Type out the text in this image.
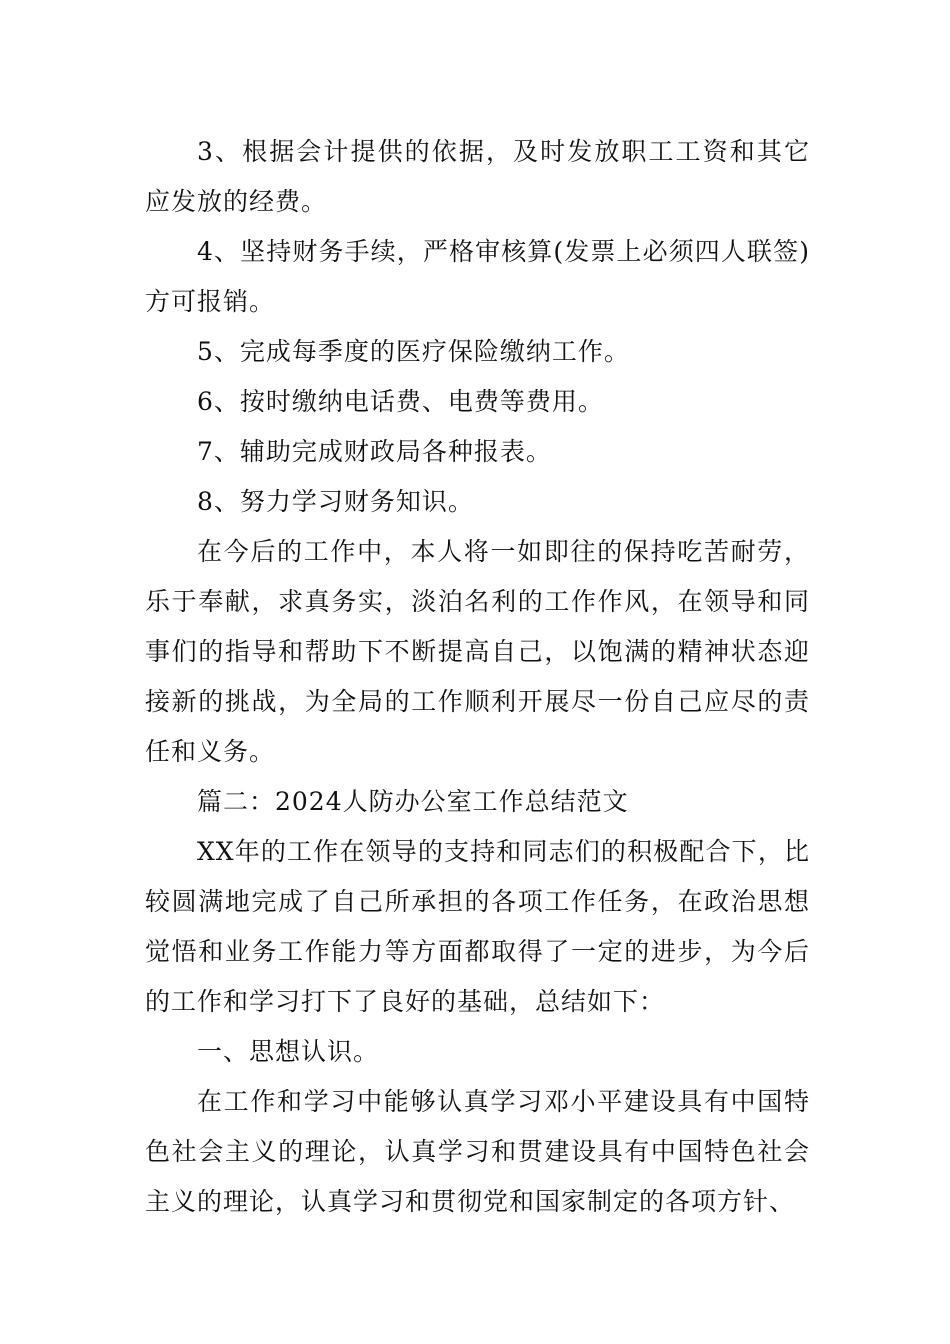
3、根据会计提供的依据，及时发放职工工资和其它应发放的经费。

4、坚持财务手续，严格审核算(发票上必须四人联签)方可报销。

5、完成每季度的医疗保险缴纳工作。

6、按时缴纳电话费、电费等费用。

7、辅助完成财政局各种报表。

8、努力学习财务知识。

在今后的工作中，本人将一如即往的保持吃苦耐劳，乐于奉献，求真务实，淡泊名利的工作作风，在领导和同事们的指导和帮助下不断提高自己，以饱满的精神状态迎接新的挑战，为全局的工作顺利开展尽一份自己应尽的责任和义务。

篇二：2024人防办公室工作总结范文

XX年的工作在领导的支持和同志们的积极配合下，比较圆满地完成了自己所承担的各项工作任务，在政治思想觉悟和业务工作能力等方面都取得了一定的进步，为今后的工作和学习打下了良好的基础，总结如下：

一、思想认识。

在工作和学习中能够认真学习邓小平建设具有中国特色社会主义的理论，认真学习和贯建设具有中国特色社会主义的理论，认真学习和贯彻党和国家制定的各项方针、
